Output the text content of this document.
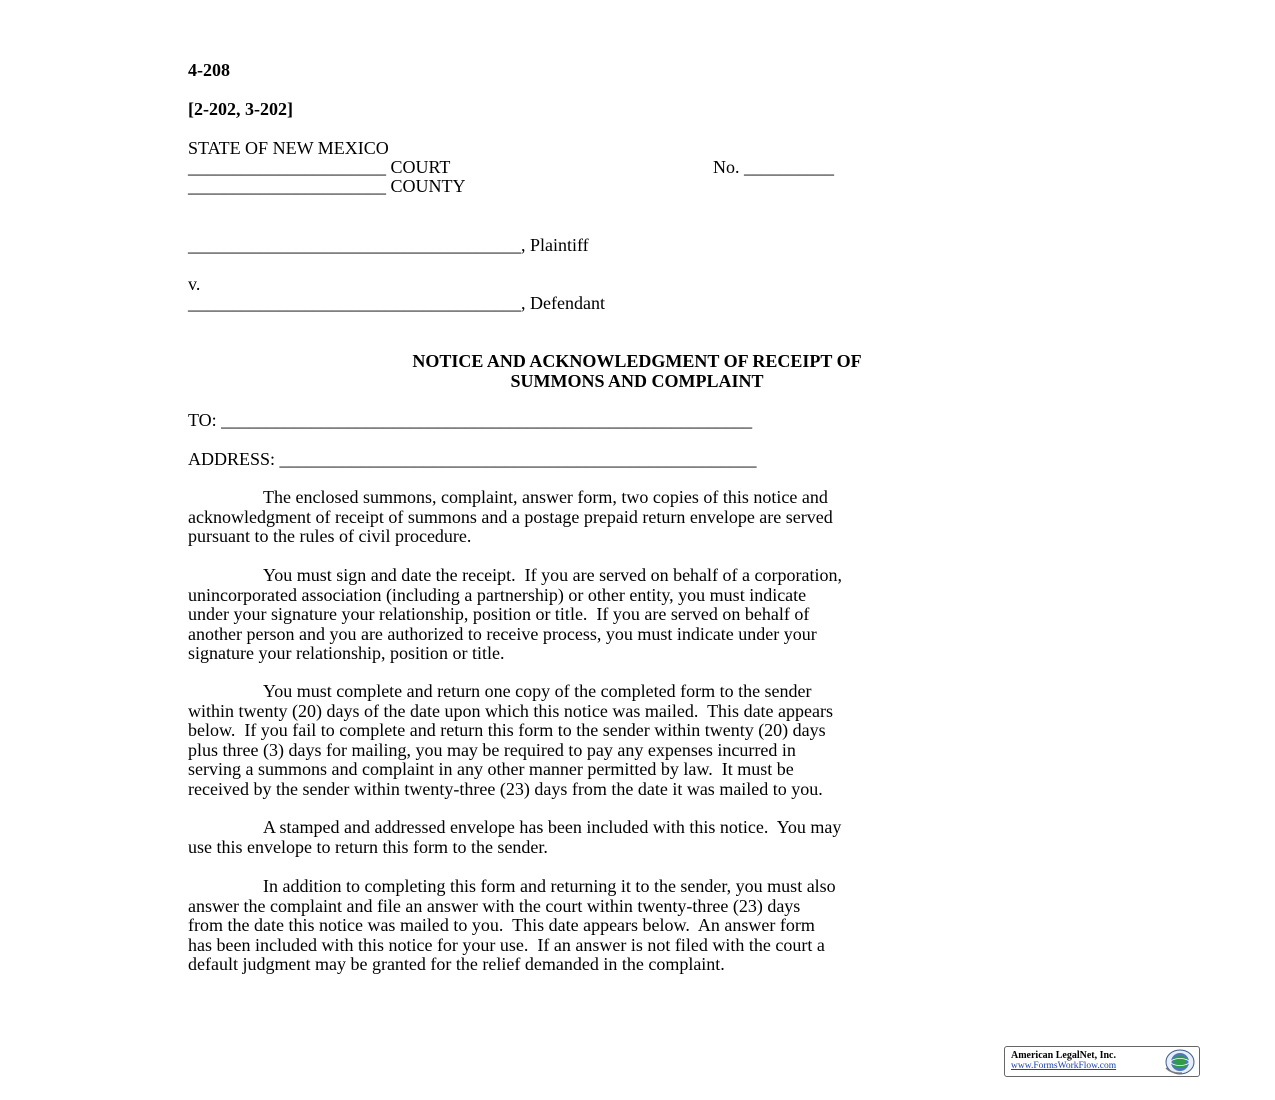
4-208
[2-202, 3-202]
STATE OF NEW MEXICO
______________________ COURT	No. __________
______________________ COUNTY
_____________________________________, Plaintiff
v.
_____________________________________, Defendant
NOTICE AND ACKNOWLEDGMENT OF RECEIPT OF
SUMMONS AND COMPLAINT
TO: ___________________________________________________________
ADDRESS: _____________________________________________________
The enclosed summons, complaint, answer form, two copies of this notice and
acknowledgment of receipt of summons and a postage prepaid return envelope are served
pursuant to the rules of civil procedure.
You must sign and date the receipt.  If you are served on behalf of a corporation,
unincorporated association (including a partnership) or other entity, you must indicate
under your signature your relationship, position or title.  If you are served on behalf of
another person and you are authorized to receive process, you must indicate under your
signature your relationship, position or title.
You must complete and return one copy of the completed form to the sender
within twenty (20) days of the date upon which this notice was mailed.  This date appears
below.  If you fail to complete and return this form to the sender within twenty (20) days
plus three (3) days for mailing, you may be required to pay any expenses incurred in
serving a summons and complaint in any other manner permitted by law.  It must be
received by the sender within twenty-three (23) days from the date it was mailed to you.
A stamped and addressed envelope has been included with this notice.  You may
use this envelope to return this form to the sender.
In addition to completing this form and returning it to the sender, you must also
answer the complaint and file an answer with the court within twenty-three (23) days
from the date this notice was mailed to you.  This date appears below.  An answer form
has been included with this notice for your use.  If an answer is not filed with the court a
default judgment may be granted for the relief demanded in the complaint.
American LegalNet, Inc.
www.FormsWorkFlow.com
